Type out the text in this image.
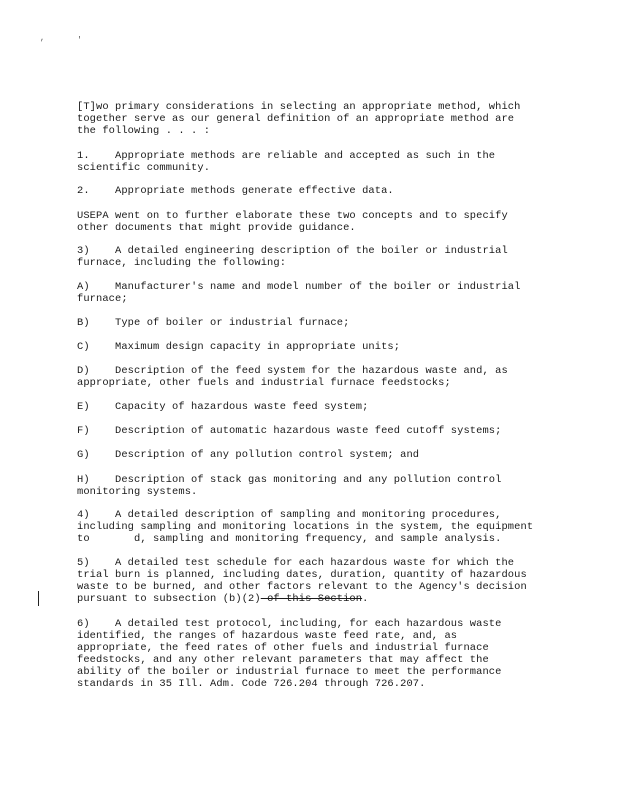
,	'
[T]wo primary considerations in selecting an appropriate method, which
together serve as our general definition of an appropriate method are
the following . . . :
1.    Appropriate methods are reliable and accepted as such in the
scientific community.
2.    Appropriate methods generate effective data.
USEPA went on to further elaborate these two concepts and to specify
other documents that might provide guidance.
3)    A detailed engineering description of the boiler or industrial
furnace, including the following:
A)    Manufacturer's name and model number of the boiler or industrial
furnace;
B)    Type of boiler or industrial furnace;
C)    Maximum design capacity in appropriate units;
D)    Description of the feed system for the hazardous waste and, as
appropriate, other fuels and industrial furnace feedstocks;
E)    Capacity of hazardous waste feed system;
F)    Description of automatic hazardous waste feed cutoff systems;
G)    Description of any pollution control system; and
H)    Description of stack gas monitoring and any pollution control
monitoring systems.
4)    A detailed description of sampling and monitoring procedures,
including sampling and monitoring locations in the system, the equipment
to       d, sampling and monitoring frequency, and sample analysis.
5)    A detailed test schedule for each hazardous waste for which the
trial burn is planned, including dates, duration, quantity of hazardous
waste to be burned, and other factors relevant to the Agency's decision
pursuant to subsection (b)(2) of this Section.
6)    A detailed test protocol, including, for each hazardous waste
identified, the ranges of hazardous waste feed rate, and, as
appropriate, the feed rates of other fuels and industrial furnace
feedstocks, and any other relevant parameters that may affect the
ability of the boiler or industrial furnace to meet the performance
standards in 35 Ill. Adm. Code 726.204 through 726.207.
